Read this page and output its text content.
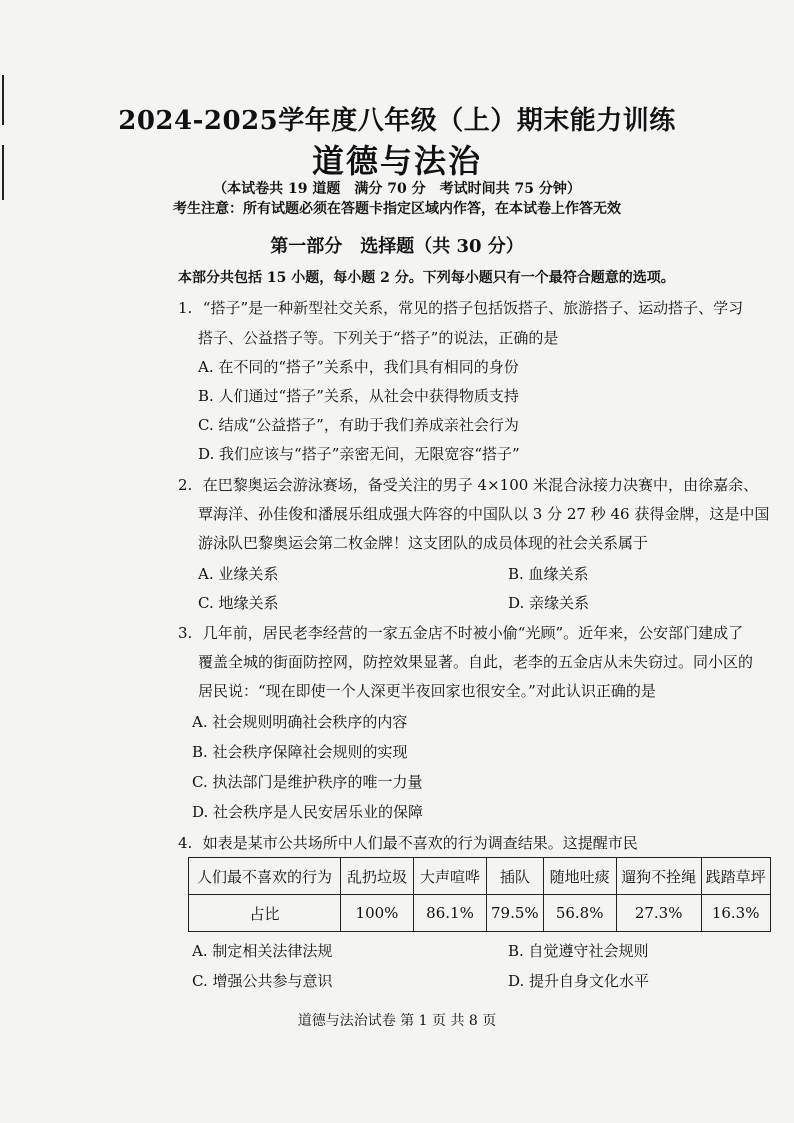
2024-2025学年度八年级（上）期末能力训练
道德与法治
（本试卷共 19 道题　满分 70 分　考试时间共 75 分钟）
考生注意：所有试题必须在答题卡指定区域内作答，在本试卷上作答无效
第一部分　选择题（共 30 分）
本部分共包括 15 小题，每小题 2 分。下列每小题只有一个最符合题意的选项。
1. “搭子”是一种新型社交关系，常见的搭子包括饭搭子、旅游搭子、运动搭子、学习
搭子、公益搭子等。下列关于“搭子”的说法，正确的是
A. 在不同的“搭子”关系中，我们具有相同的身份
B. 人们通过“搭子”关系，从社会中获得物质支持
C. 结成“公益搭子”，有助于我们养成亲社会行为
D. 我们应该与“搭子”亲密无间，无限宽容“搭子”
2. 在巴黎奥运会游泳赛场，备受关注的男子 4×100 米混合泳接力决赛中，由徐嘉余、
覃海洋、孙佳俊和潘展乐组成强大阵容的中国队以 3 分 27 秒 46 获得金牌，这是中国
游泳队巴黎奥运会第二枚金牌！这支团队的成员体现的社会关系属于
A. 业缘关系	B. 血缘关系
C. 地缘关系	D. 亲缘关系
3. 几年前，居民老李经营的一家五金店不时被小偷“光顾”。近年来，公安部门建成了
覆盖全城的街面防控网，防控效果显著。自此，老李的五金店从未失窃过。同小区的
居民说：“现在即使一个人深更半夜回家也很安全。”对此认识正确的是
A. 社会规则明确社会秩序的内容
B. 社会秩序保障社会规则的实现
C. 执法部门是维护秩序的唯一力量
D. 社会秩序是人民安居乐业的保障
4. 如表是某市公共场所中人们最不喜欢的行为调查结果。这提醒市民
人们最不喜欢的行为	乱扔垃圾	大声喧哗	插队	随地吐痰	遛狗不拴绳	践踏草坪
占比	100%	86.1%	79.5%	56.8%	27.3%	16.3%
A. 制定相关法律法规	B. 自觉遵守社会规则
C. 增强公共参与意识	D. 提升自身文化水平
道德与法治试卷 第 1 页 共 8 页
